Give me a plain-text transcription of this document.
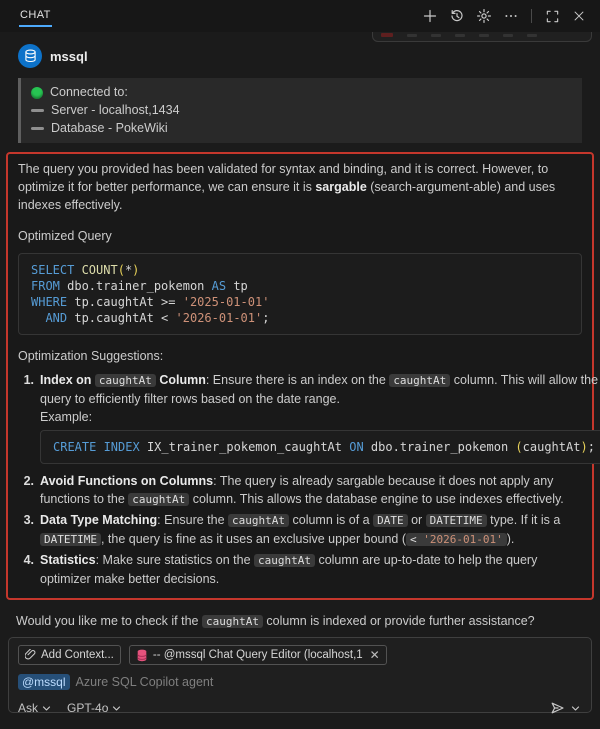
CHAT
mssql
Connected to:
Server - localhost,1434
Database - PokeWiki
The query you provided has been validated for syntax and binding, and it is correct. However, to optimize it for better performance, we can ensure it is sargable (search-argument-able) and uses indexes effectively.
Optimized Query
SELECT COUNT(*)
FROM dbo.trainer_pokemon AS tp
WHERE tp.caughtAt >= '2025-01-01'
AND tp.caughtAt < '2026-01-01';
Optimization Suggestions:
1. Index on caughtAt Column: Ensure there is an index on the caughtAt column. This will allow the query to efficiently filter rows based on the date range.
Example:
CREATE INDEX IX_trainer_pokemon_caughtAt ON dbo.trainer_pokemon (caughtAt);
2. Avoid Functions on Columns: The query is already sargable because it does not apply any functions to the caughtAt column. This allows the database engine to use indexes effectively.
3. Data Type Matching: Ensure the caughtAt column is of a DATE or DATETIME type. If it is a DATETIME , the query is fine as it uses an exclusive upper bound ( < '2026-01-01' ).
4. Statistics: Make sure statistics on the caughtAt column are up-to-date to help the query optimizer make better decisions.
Would you like me to check if the caughtAt column is indexed or provide further assistance?
Add Context...	-- @mssql Chat Query Editor (localhost,1 ✕
@mssql Azure SQL Copilot agent
Ask GPT-4o
